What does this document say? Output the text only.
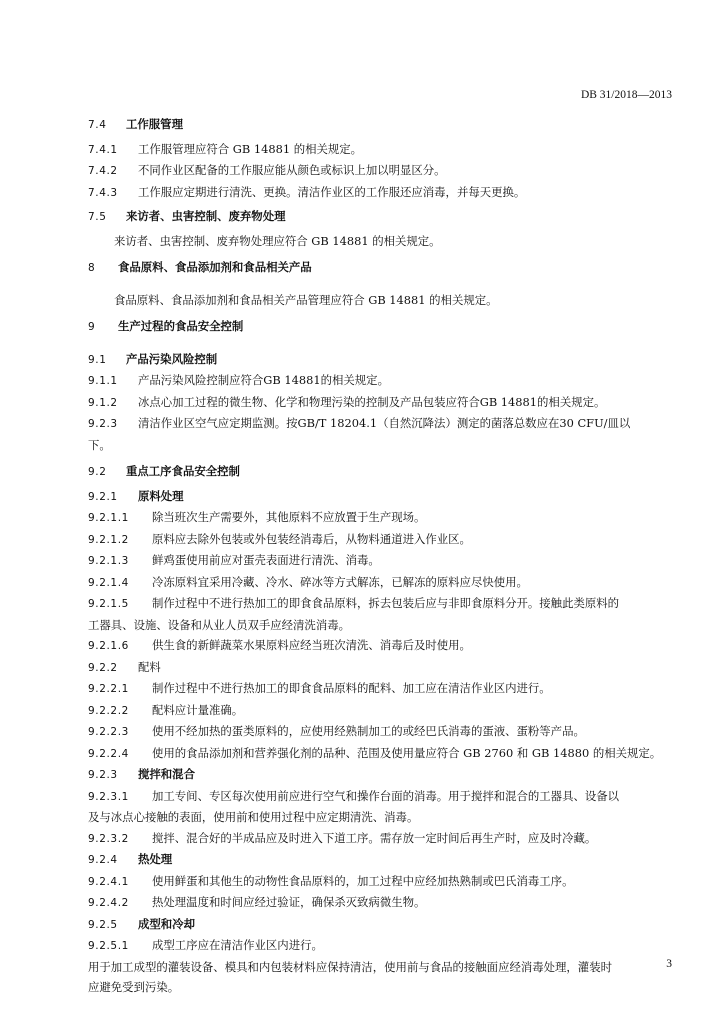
DB 31/2018—2013
7.4 工作服管理
7.4.1 工作服管理应符合 GB 14881 的相关规定。
7.4.2 不同作业区配备的工作服应能从颜色或标识上加以明显区分。
7.4.3 工作服应定期进行清洗、更换。清洁作业区的工作服还应消毒，并每天更换。
7.5 来访者、虫害控制、废弃物处理
来访者、虫害控制、废弃物处理应符合 GB 14881 的相关规定。
8 食品原料、食品添加剂和食品相关产品
食品原料、食品添加剂和食品相关产品管理应符合 GB 14881 的相关规定。
9 生产过程的食品安全控制
9.1 产品污染风险控制
9.1.1 产品污染风险控制应符合GB 14881的相关规定。
9.1.2 冰点心加工过程的微生物、化学和物理污染的控制及产品包装应符合GB 14881的相关规定。
9.2.3 清洁作业区空气应定期监测。按GB/T 18204.1（自然沉降法）测定的菌落总数应在30 CFU/皿以
下。
9.2 重点工序食品安全控制
9.2.1 原料处理
9.2.1.1 除当班次生产需要外，其他原料不应放置于生产现场。
9.2.1.2 原料应去除外包装或外包装经消毒后，从物料通道进入作业区。
9.2.1.3 鲜鸡蛋使用前应对蛋壳表面进行清洗、消毒。
9.2.1.4 冷冻原料宜采用冷藏、冷水、碎冰等方式解冻，已解冻的原料应尽快使用。
9.2.1.5 制作过程中不进行热加工的即食食品原料，拆去包装后应与非即食原料分开。接触此类原料的
工器具、设施、设备和从业人员双手应经清洗消毒。
9.2.1.6 供生食的新鲜蔬菜水果原料应经当班次清洗、消毒后及时使用。
9.2.2 配料
9.2.2.1 制作过程中不进行热加工的即食食品原料的配料、加工应在清洁作业区内进行。
9.2.2.2 配料应计量准确。
9.2.2.3 使用不经加热的蛋类原料的，应使用经熟制加工的或经巴氏消毒的蛋液、蛋粉等产品。
9.2.2.4 使用的食品添加剂和营养强化剂的品种、范围及使用量应符合 GB 2760 和 GB 14880 的相关规定。
9.2.3 搅拌和混合
9.2.3.1 加工专间、专区每次使用前应进行空气和操作台面的消毒。用于搅拌和混合的工器具、设备以
及与冰点心接触的表面，使用前和使用过程中应定期清洗、消毒。
9.2.3.2 搅拌、混合好的半成品应及时进入下道工序。需存放一定时间后再生产时，应及时冷藏。
9.2.4 热处理
9.2.4.1 使用鲜蛋和其他生的动物性食品原料的，加工过程中应经加热熟制或巴氏消毒工序。
9.2.4.2 热处理温度和时间应经过验证，确保杀灭致病微生物。
9.2.5 成型和冷却
9.2.5.1 成型工序应在清洁作业区内进行。
用于加工成型的灌装设备、模具和内包装材料应保持清洁，使用前与食品的接触面应经消毒处理，灌装时
应避免受到污染。
3
